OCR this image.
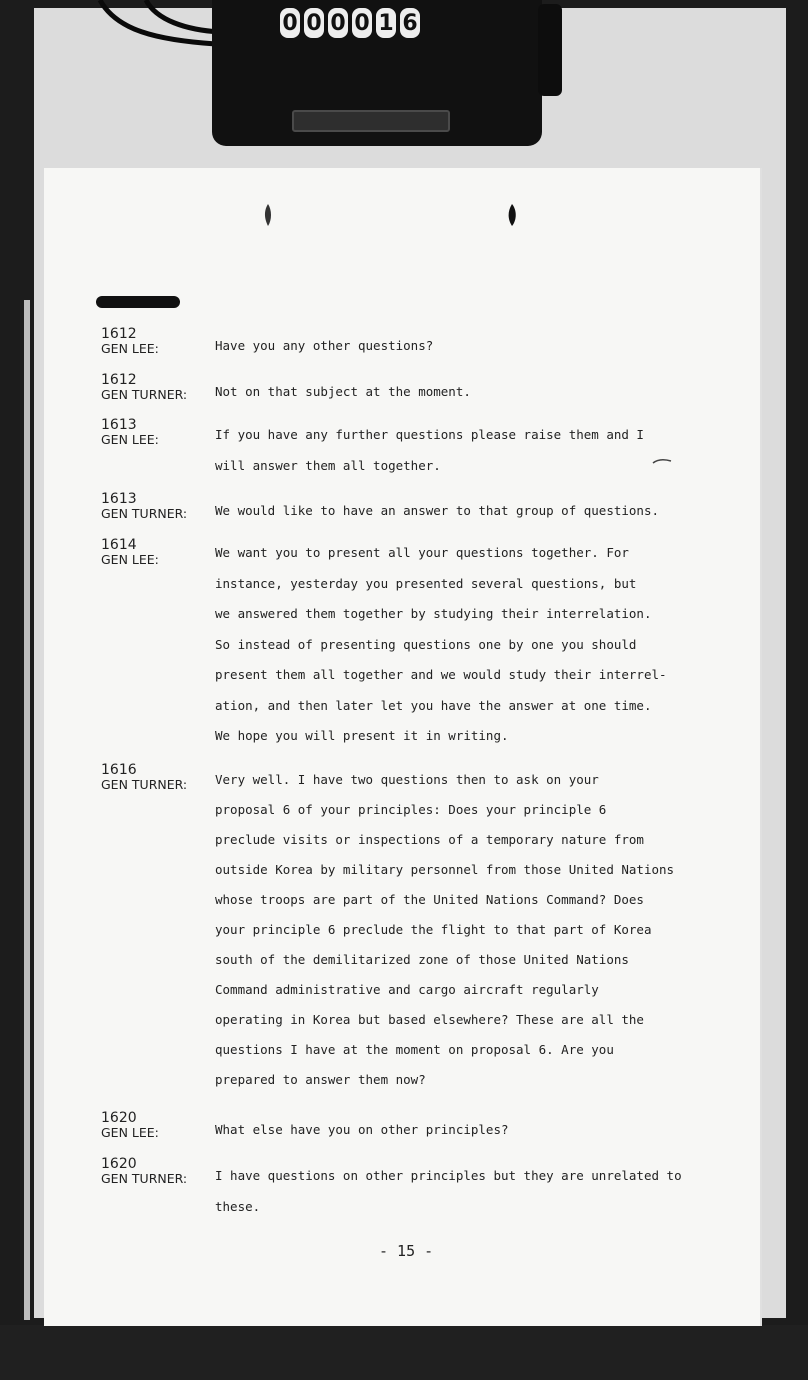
0 0 0 0 1 6
1612
GEN LEE:	Have you any other questions?
1612
GEN TURNER: Not on that subject at the moment.
1613
GEN LEE:	If you have any further questions please raise them and I
will answer them all together.
1613
GEN TURNER: We would like to have an answer to that group of questions.
1614
GEN LEE:	We want you to present all your questions together. For
instance, yesterday you presented several questions, but
we answered them together by studying their interrelation.
So instead of presenting questions one by one you should
present them all together and we would study their interrel-
ation, and then later let you have the answer at one time.
We hope you will present it in writing.
1616
GEN TURNER: Very well. I have two questions then to ask on your
proposal 6 of your principles: Does your principle 6
preclude visits or inspections of a temporary nature from
outside Korea by military personnel from those United Nations
whose troops are part of the United Nations Command? Does
your principle 6 preclude the flight to that part of Korea
south of the demilitarized zone of those United Nations
Command administrative and cargo aircraft regularly
operating in Korea but based elsewhere? These are all the
questions I have at the moment on proposal 6. Are you
prepared to answer them now?
1620
GEN LEE:	What else have you on other principles?
1620
GEN TURNER: I have questions on other principles but they are unrelated to
these.
- 15 -
